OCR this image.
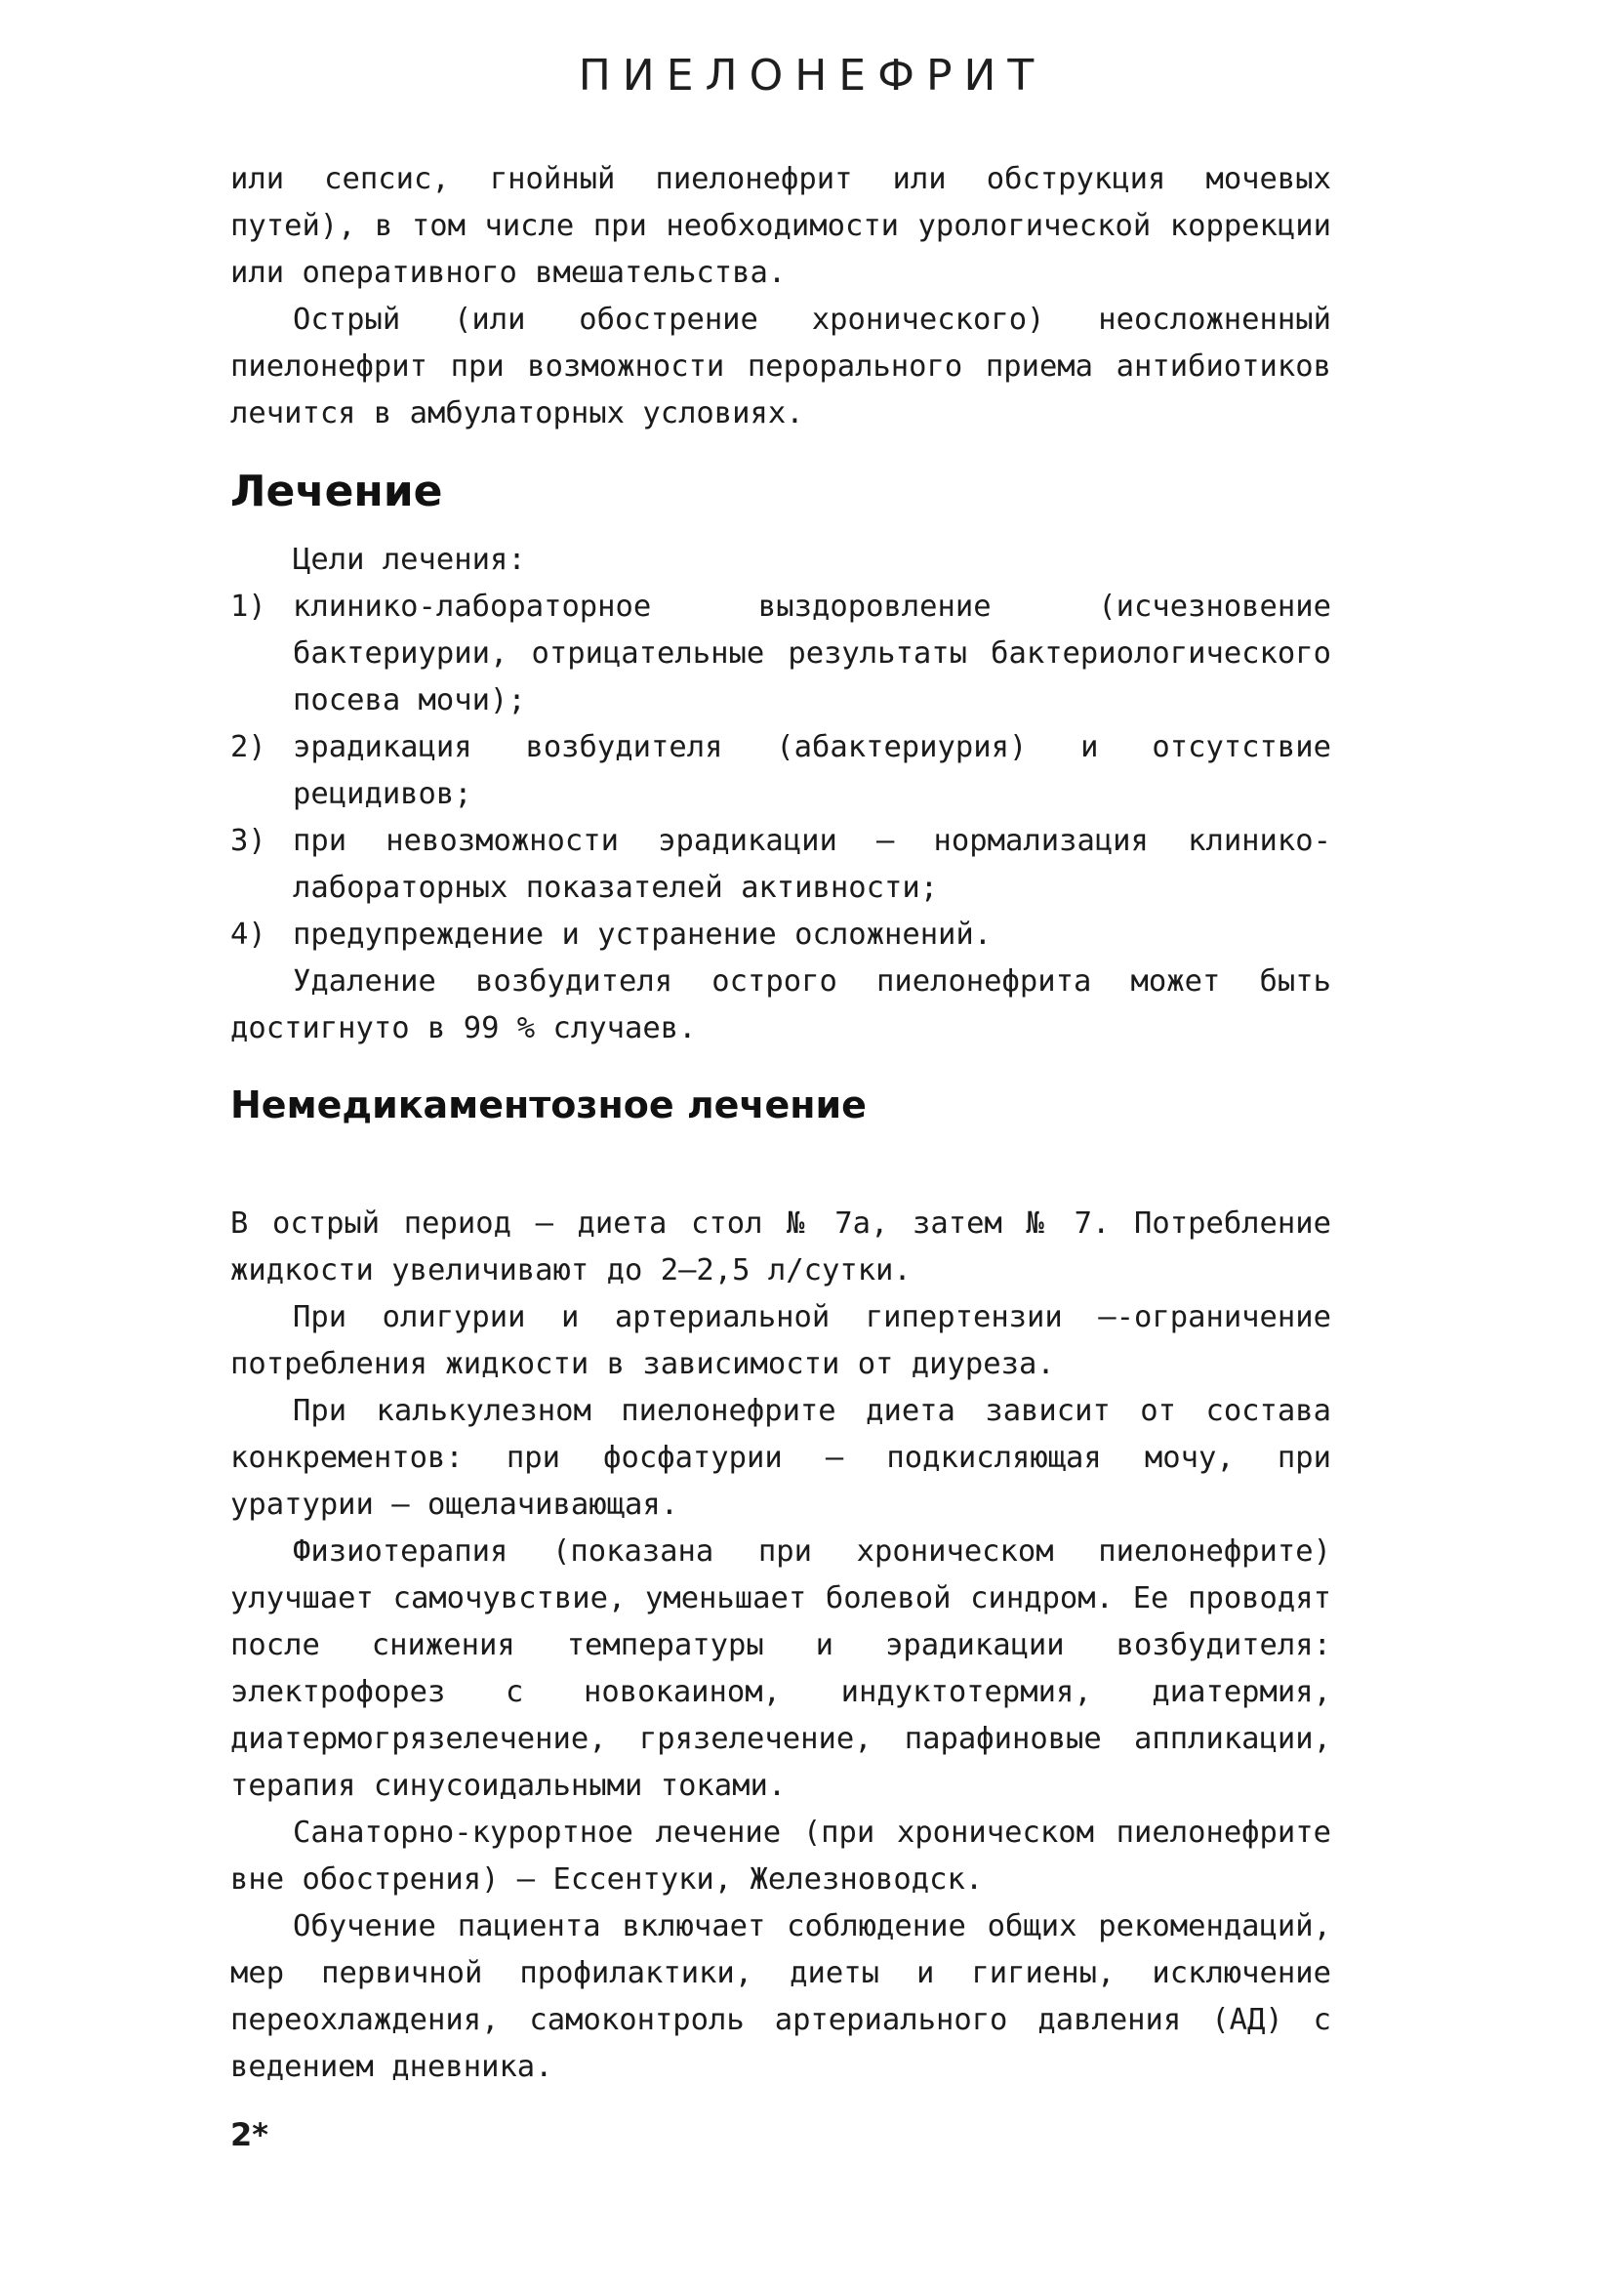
ПИЕЛОНЕФРИТ

или сепсис, гнойный пиелонефрит или обструкция мочевых путей), в том числе при необходимости урологической коррекции или оперативного вмешательства.

Острый (или обострение хронического) неосложненный пиелонефрит при возможности перорального приема антибиотиков лечится в амбулаторных условиях.

Лечение

Цели лечения:

1) клинико-лабораторное выздоровление (исчезновение бактериурии, отрицательные результаты бактериологического посева мочи);
2) эрадикация возбудителя (абактериурия) и отсутствие рецидивов;
3) при невозможности эрадикации — нормализация клинико-лабораторных показателей активности;
4) предупреждение и устранение осложнений.

Удаление возбудителя острого пиелонефрита может быть достигнуто в 99 % случаев.

Немедикаментозное лечение

В острый период — диета стол № 7а, затем № 7. Потребление жидкости увеличивают до 2–2,5 л/сутки.

При олигурии и артериальной гипертензии —-ограничение потребления жидкости в зависимости от диуреза.

При калькулезном пиелонефрите диета зависит от состава конкрементов: при фосфатурии — подкисляющая мочу, при уратурии — ощелачивающая.

Физиотерапия (показана при хроническом пиелонефрите) улучшает самочувствие, уменьшает болевой синдром. Ее проводят после снижения температуры и эрадикации возбудителя: электрофорез с новокаином, индуктотермия, диатермия, диатермогрязелечение, грязелечение, парафиновые аппликации, терапия синусоидальными токами.

Санаторно-курортное лечение (при хроническом пиелонефрите вне обострения) — Ессентуки, Железноводск.

Обучение пациента включает соблюдение общих рекомендаций, мер первичной профилактики, диеты и гигиены, исключение переохлаждения, самоконтроль артериального давления (АД) с ведением дневника.

2*
